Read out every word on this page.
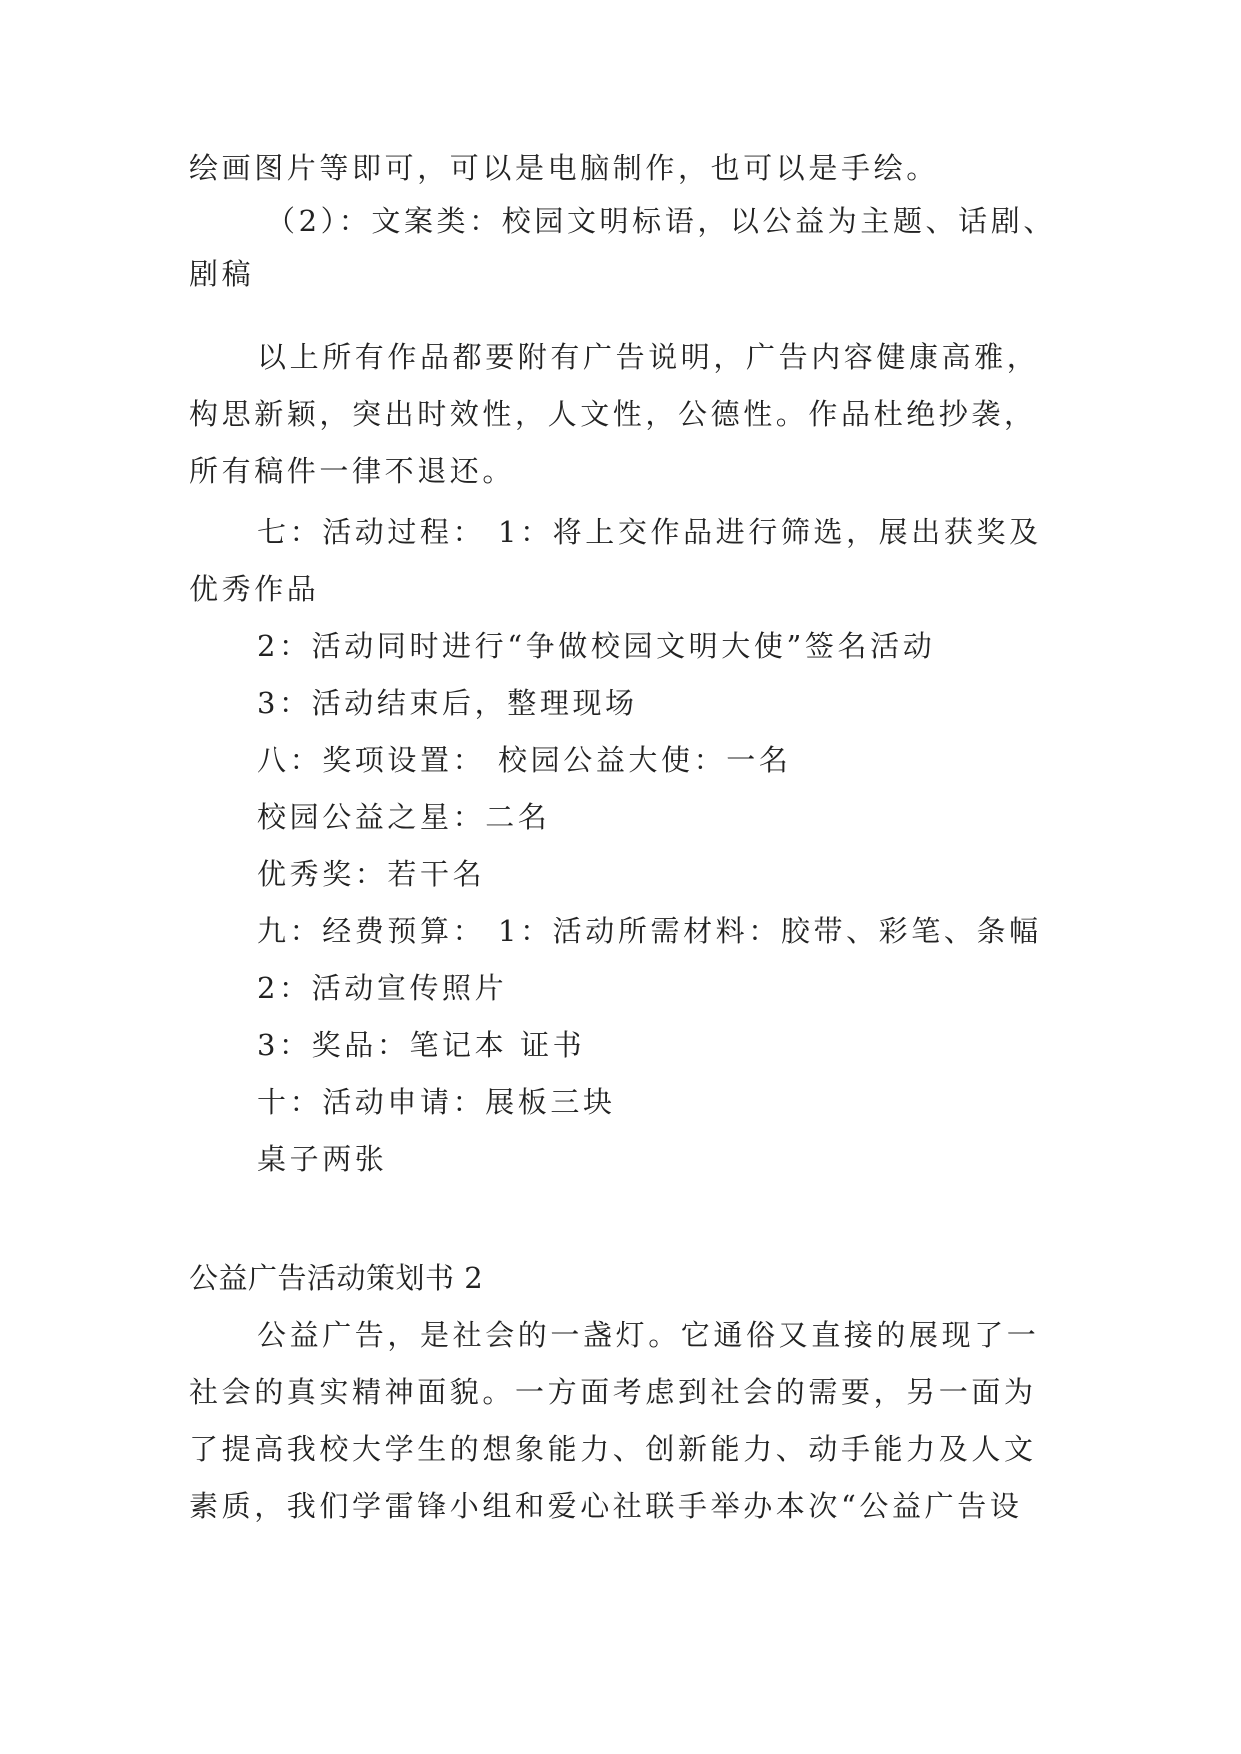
绘画图片等即可，可以是电脑制作，也可以是手绘。
（2）：文案类：校园文明标语，以公益为主题、话剧、
剧稿
以上所有作品都要附有广告说明，广告内容健康高雅，
构思新颖，突出时效性，人文性，公德性。作品杜绝抄袭，
所有稿件一律不退还。
七：活动过程： 1：将上交作品进行筛选，展出获奖及
优秀作品
2：活动同时进行“争做校园文明大使”签名活动
3：活动结束后，整理现场
八：奖项设置： 校园公益大使：一名
校园公益之星：二名
优秀奖：若干名
九：经费预算： 1：活动所需材料：胶带、彩笔、条幅
2：活动宣传照片
3：奖品：笔记本 证书
十：活动申请：展板三块
桌子两张
公益广告活动策划书 2
公益广告，是社会的一盏灯。它通俗又直接的展现了一
社会的真实精神面貌。一方面考虑到社会的需要，另一面为
了提高我校大学生的想象能力、创新能力、动手能力及人文
素质，我们学雷锋小组和爱心社联手举办本次“公益广告设
